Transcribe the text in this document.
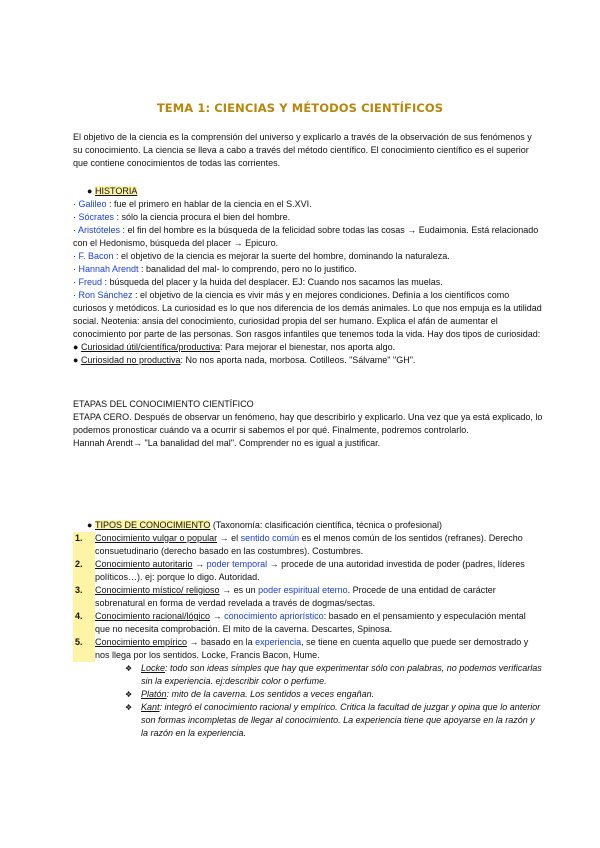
TEMA 1: CIENCIAS Y MÉTODOS CIENTÍFICOS

El objetivo de la ciencia es la comprensión del universo y explicarlo a través de la observación de sus fenómenos y su conocimiento. La ciencia se lleva a cabo a través del método científico. El conocimiento científico es el superior que contiene conocimientos de todas las corrientes.

● HISTORIA

· Galileo : fue el primero en hablar de la ciencia en el S.XVI.

· Sócrates : sólo la ciencia procura el bien del hombre.

· Aristóteles : el fin del hombre es la búsqueda de la felicidad sobre todas las cosas → Eudaimonia. Está relacionado con el Hedonismo, búsqueda del placer → Epicuro.

· F. Bacon : el objetivo de la ciencia es mejorar la suerte del hombre, dominando la naturaleza.

· Hannah Arendt : banalidad del mal- lo comprendo, pero no lo justifico.

· Freud : búsqueda del placer y la huida del desplacer. EJ: Cuando nos sacamos las muelas.

· Ron Sánchez : el objetivo de la ciencia es vivir más y en mejores condiciones. Definía a los científicos como curiosos y metódicos. La curiosidad es lo que nos diferencia de los demás animales. Lo que nos empuja es la utilidad social. Neotenia: ansia del conocimiento, curiosidad propia del ser humano. Explica el afán de aumentar el conocimiento por parte de las personas. Son rasgos infantiles que tenemos toda la vida. Hay dos tipos de curiosidad:

● Curiosidad útil/científica/productiva: Para mejorar el bienestar, nos aporta algo.

● Curiosidad no productiva: No nos aporta nada, morbosa. Cotilleos. "Sálvame" "GH".

ETAPAS DEL CONOCIMIENTO CIENTÍFICO

ETAPA CERO. Después de observar un fenómeno, hay que describirlo y explicarlo. Una vez que ya está explicado, lo podemos pronosticar cuándo va a ocurrir si sabemos el por qué. Finalmente, podremos controlarlo.

Hannah Arendt→ "La banalidad del mal". Comprender no es igual a justificar.

● TIPOS DE CONOCIMIENTO (Taxonomía: clasificación científica, técnica o profesional)

1.	Conocimiento vulgar o popular → el sentido común es el menos común de los sentidos (refranes). Derecho consuetudinario (derecho basado en las costumbres). Costumbres.
2.	Conocimiento autoritario → poder temporal → procede de una autoridad investida de poder (padres, líderes políticos…). ej: porque lo digo. Autoridad.
3.	Conocimiento místico/ religioso → es un poder espiritual eterno. Procede de una entidad de carácter sobrenatural en forma de verdad revelada a través de dogmas/sectas.
4.	Conocimiento racional/lógico → conocimiento apriorístico: basado en el pensamiento y especulación mental que no necesita comprobación. El mito de la caverna. Descartes, Spinosa.
5.	Conocimiento empírico → basado en la experiencia, se tiene en cuenta aquello que puede ser demostrado y nos llega por los sentidos. Locke, Francis Bacon, Hume.
❖ Locke: todo son ideas simples que hay que experimentar sólo con palabras, no podemos verificarlas sin la experiencia. ej:describir color o perfume.
❖ Platón: mito de la caverna. Los sentidos a veces engañan.
❖ Kant: integró el conocimiento racional y empírico. Critica la facultad de juzgar y opina que lo anterior son formas incompletas de llegar al conocimiento. La experiencia tiene que apoyarse en la razón y la razón en la experiencia.
